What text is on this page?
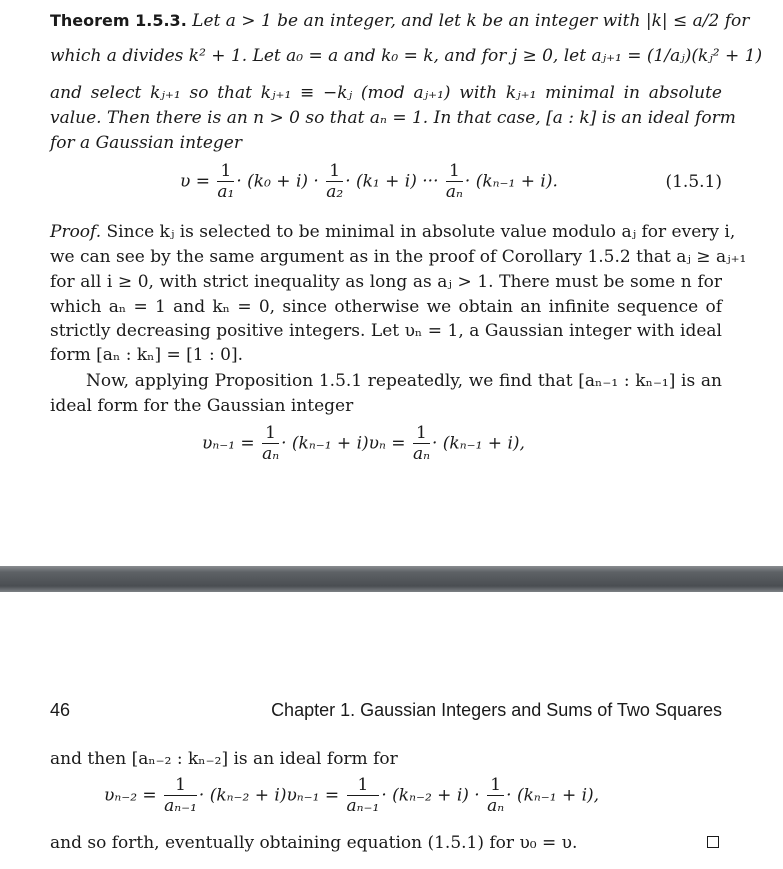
Theorem 1.5.3. Let a > 1 be an integer, and let k be an integer with |k| ≤ a/2 for
which a divides k² + 1. Let a₀ = a and k₀ = k, and for j ≥ 0, let aⱼ₊₁ = (1/aⱼ)(kⱼ² + 1)
and select kⱼ₊₁ so that kⱼ₊₁ ≡ −kⱼ (mod aⱼ₊₁) with kⱼ₊₁ minimal in absolute
value. Then there is an n > 0 so that aₙ = 1. In that case, [a : k] is an ideal form
for a Gaussian integer
$\upsilon = \frac{1}{\text{a₁}} \cdot (k_0 + i) \cdot \frac{1}{\text{a₂}} \cdot (k_1 + i)$ ··· $\frac{1}{\text{aₙ}} \cdot (k_{n-1} + i)$.	(1.5.1)
Proof. Since kⱼ is selected to be minimal in absolute value modulo aⱼ for every i,
we can see by the same argument as in the proof of Corollary 1.5.2 that aⱼ ≥ aⱼ₊₁
for all i ≥ 0, with strict inequality as long as aⱼ > 1. There must be some n for
which aₙ = 1 and kₙ = 0, since otherwise we obtain an infinite sequence of
strictly decreasing positive integers. Let υₙ = 1, a Gaussian integer with ideal
form [aₙ : kₙ] = [1 : 0].
Now, applying Proposition 1.5.1 repeatedly, we find that [aₙ₋₁ : kₙ₋₁] is an
ideal form for the Gaussian integer
$\upsilon_{n-1} = \frac{1}{\text{aₙ}} \cdot (k_{n-1} + i)\upsilon_n = \frac{1}{\text{aₙ}} \cdot (k_{n-1} + i)$,
46	Chapter 1. Gaussian Integers and Sums of Two Squares
and then [aₙ₋₂ : kₙ₋₂] is an ideal form for
$\upsilon_{n-2} = \frac{1}{\text{aₙ₋₁}} \cdot (k_{n-2} + i)\upsilon_{n-1} = \frac{1}{\text{aₙ₋₁}} \cdot (k_{n-2} + i) \cdot \frac{1}{\text{aₙ}} \cdot (k_{n-1} + i)$,
and so forth, eventually obtaining equation (1.5.1) for υ₀ = υ.
